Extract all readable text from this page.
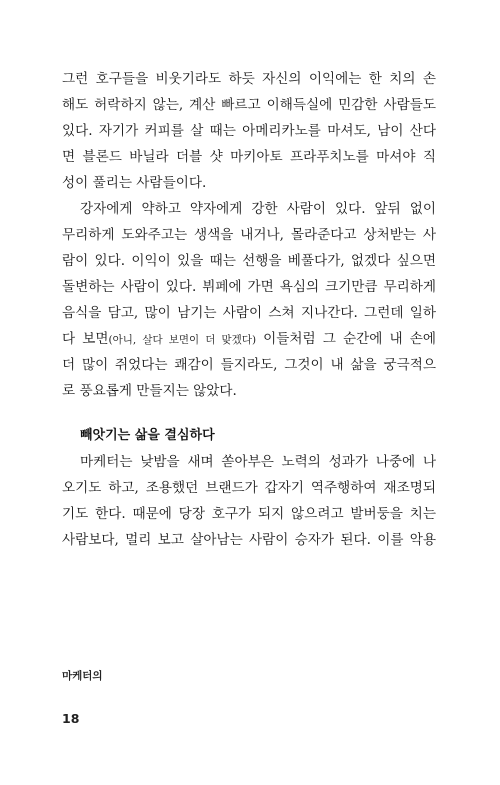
그런 호구들을 비웃기라도 하듯 자신의 이익에는 한 치의 손
해도 허락하지 않는, 계산 빠르고 이해득실에 민감한 사람들도
있다. 자기가 커피를 살 때는 아메리카노를 마셔도, 남이 산다
면 블론드 바닐라 더블 샷 마키아토 프라푸치노를 마셔야 직
성이 풀리는 사람들이다.
강자에게 약하고 약자에게 강한 사람이 있다. 앞뒤 없이
무리하게 도와주고는 생색을 내거나, 몰라준다고 상처받는 사
람이 있다. 이익이 있을 때는 선행을 베풀다가, 없겠다 싶으면
돌변하는 사람이 있다. 뷔페에 가면 욕심의 크기만큼 무리하게
음식을 담고, 많이 남기는 사람이 스쳐 지나간다. 그런데 일하
다 보면(아니, 살다 보면이 더 맞겠다) 이들처럼 그 순간에 내 손에
더 많이 쥐었다는 쾌감이 들지라도, 그것이 내 삶을 궁극적으
로 풍요롭게 만들지는 않았다.
빼앗기는 삶을 결심하다
마케터는 낮밤을 새며 쏟아부은 노력의 성과가 나중에 나
오기도 하고, 조용했던 브랜드가 갑자기 역주행하여 재조명되
기도 한다. 때문에 당장 호구가 되지 않으려고 발버둥을 치는
사람보다, 멀리 보고 살아남는 사람이 승자가 된다. 이를 악용
마케터의
18
